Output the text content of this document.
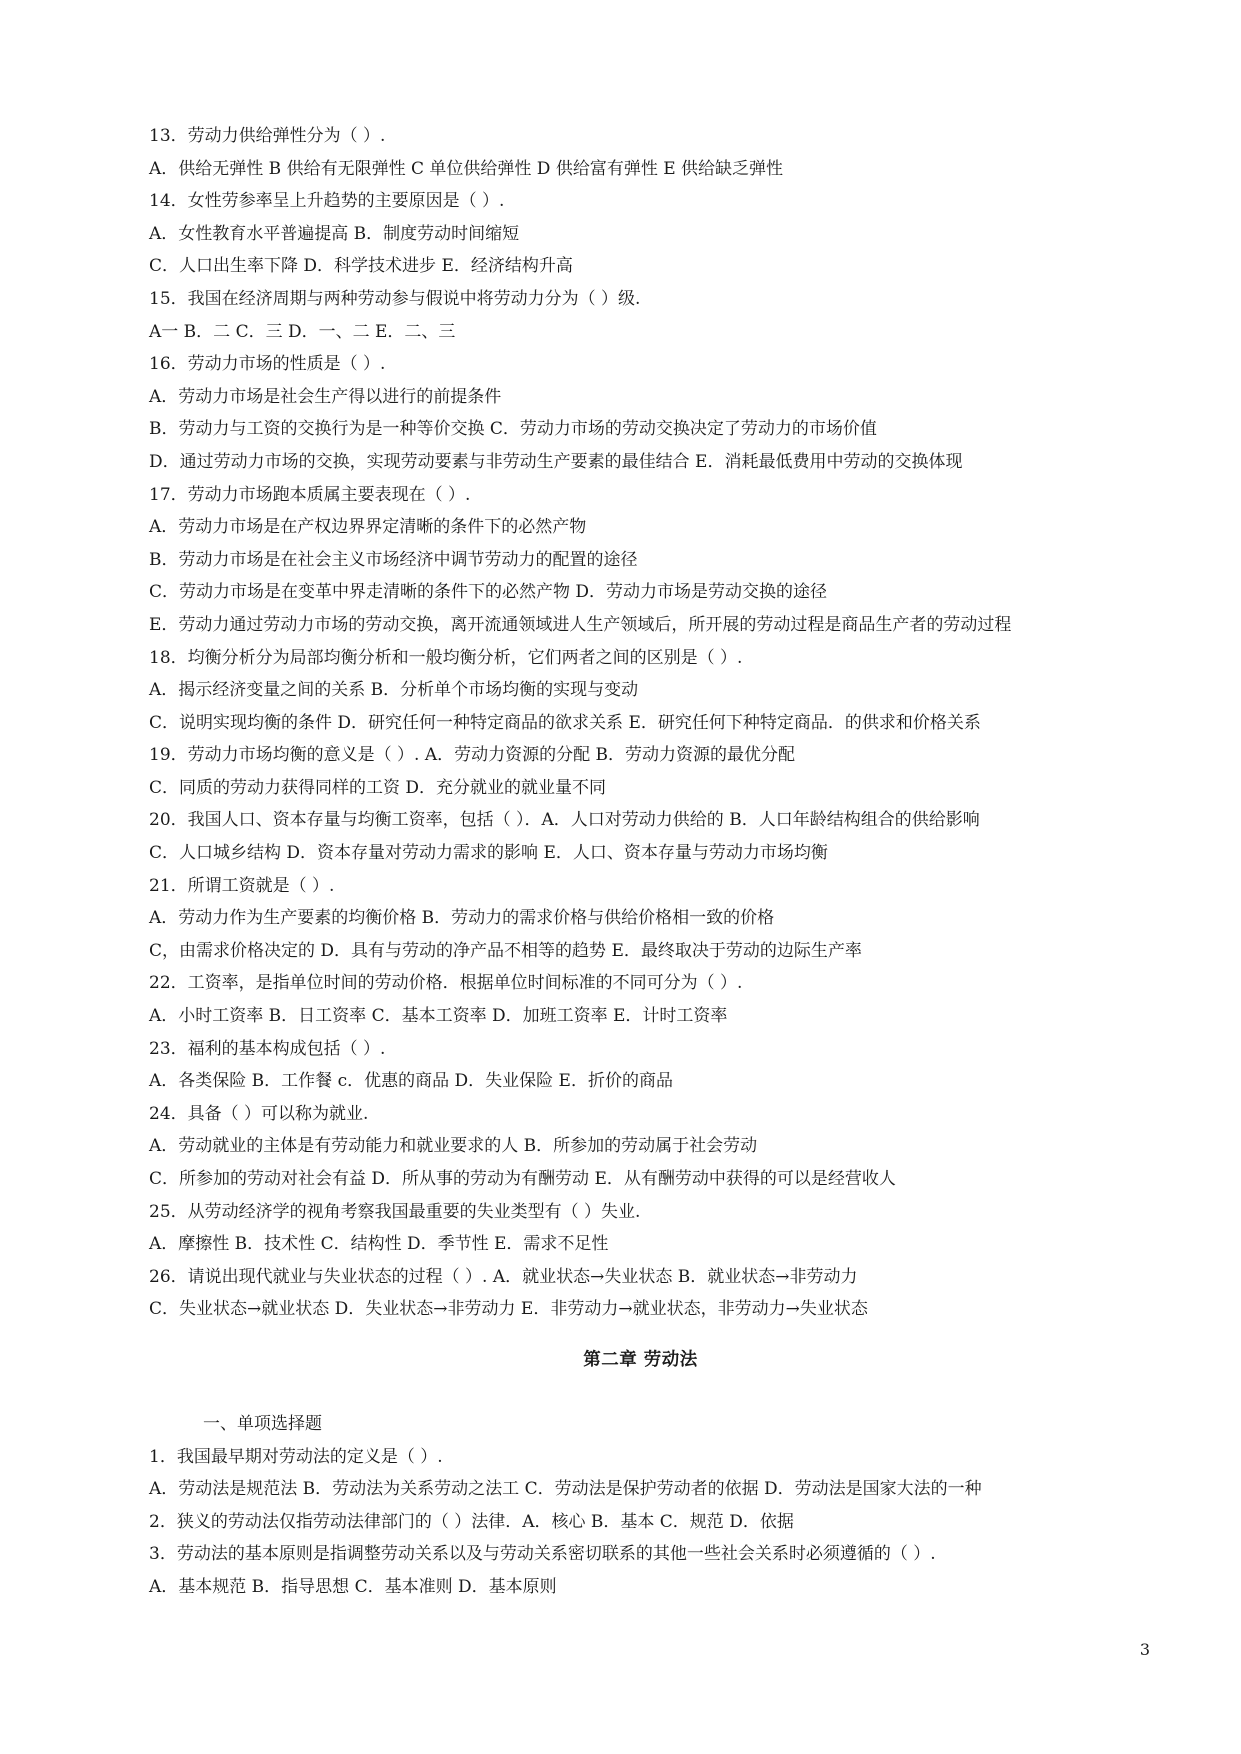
13．劳动力供给弹性分为（ ）.
A．供给无弹性 B 供给有无限弹性 C 单位供给弹性 D 供给富有弹性 E 供给缺乏弹性
14．女性劳参率呈上升趋势的主要原因是（ ）.
A．女性教育水平普遍提高 B．制度劳动时间缩短
C．人口出生率下降 D．科学技术进步 E．经济结构升高
15．我国在经济周期与两种劳动参与假说中将劳动力分为（ ）级.
A一 B．二 C．三 D．一、二 E．二、三
16．劳动力市场的性质是（ ）.
A．劳动力市场是社会生产得以进行的前提条件
B．劳动力与工资的交换行为是一种等价交换 C．劳动力市场的劳动交换决定了劳动力的市场价值
D．通过劳动力市场的交换，实现劳动要素与非劳动生产要素的最佳结合 E．消耗最低费用中劳动的交换体现
17．劳动力市场跑本质属主要表现在（ ）.
A．劳动力市场是在产权边界界定清晰的条件下的必然产物
B．劳动力市场是在社会主义市场经济中调节劳动力的配置的途径
C．劳动力市场是在变革中界走清晰的条件下的必然产物 D．劳动力市场是劳动交换的途径
E．劳动力通过劳动力市场的劳动交换，离开流通领域进人生产领域后，所开展的劳动过程是商品生产者的劳动过程
18．均衡分析分为局部均衡分析和一般均衡分析，它们两者之间的区别是（ ）.
A．揭示经济变量之间的关系 B．分析单个市场均衡的实现与变动
C．说明实现均衡的条件 D．研究任何一种特定商品的欲求关系 E．研究任何下种特定商品．的供求和价格关系
19．劳动力市场均衡的意义是（ ）. A．劳动力资源的分配 B．劳动力资源的最优分配
C．同质的劳动力获得同样的工资 D．充分就业的就业量不同
20．我国人口、资本存量与均衡工资率，包括（ ）．A．人口对劳动力供给的 B．人口年龄结构组合的供给影响
C．人口城乡结构 D．资本存量对劳动力需求的影响 E．人口、资本存量与劳动力市场均衡
21．所谓工资就是（ ）.
A．劳动力作为生产要素的均衡价格 B．劳动力的需求价格与供给价格相一致的价格
C，由需求价格决定的 D．具有与劳动的净产品不相等的趋势 E．最终取决于劳动的边际生产率
22．工资率，是指单位时间的劳动价格．根据单位时间标准的不同可分为（ ）.
A．小时工资率 B．日工资率 C．基本工资率 D．加班工资率 E．计时工资率
23．福利的基本构成包括（ ）.
A．各类保险 B．工作餐 c．优惠的商品 D．失业保险 E．折价的商品
24．具备（ ）可以称为就业.
A．劳动就业的主体是有劳动能力和就业要求的人 B．所参加的劳动属于社会劳动
C．所参加的劳动对社会有益 D．所从事的劳动为有酬劳动 E．从有酬劳动中获得的可以是经营收人
25．从劳动经济学的视角考察我国最重要的失业类型有（ ）失业.
A．摩擦性 B．技术性 C．结构性 D．季节性 E．需求不足性
26．请说出现代就业与失业状态的过程（ ）. A．就业状态→失业状态 B．就业状态→非劳动力
C．失业状态→就业状态 D．失业状态→非劳动力 E．非劳动力→就业状态，非劳动力→失业状态
第二章 劳动法
一、单项选择题
1．我国最早期对劳动法的定义是（ ）.
A．劳动法是规范法 B．劳动法为关系劳动之法工 C．劳动法是保护劳动者的依据 D．劳动法是国家大法的一种
2．狭义的劳动法仅指劳动法律部门的（ ）法律．A．核心 B．基本 C．规范 D．依据
3．劳动法的基本原则是指调整劳动关系以及与劳动关系密切联系的其他一些社会关系时必须遵循的（ ）.
A．基本规范 B．指导思想 C．基本准则 D．基本原则
3
